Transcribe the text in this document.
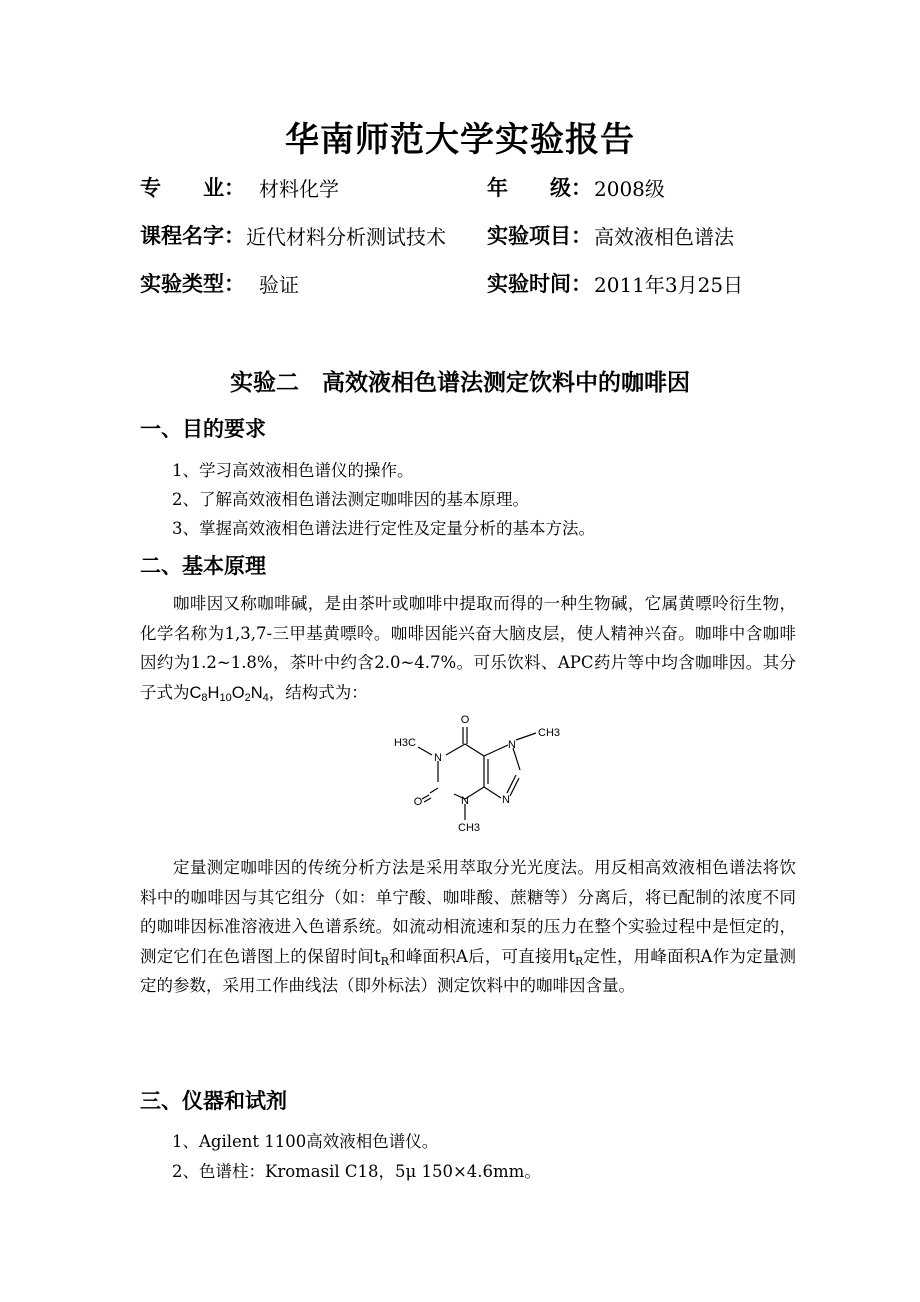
华南师范大学实验报告
专　　业： 材料化学	年　　级： 2008级
课程名字： 近代材料分析测试技术 实验项目： 高效液相色谱法
实验类型： 验证	实验时间： 2011年3月25日
实验二　高效液相色谱法测定饮料中的咖啡因
一、目的要求
1、学习高效液相色谱仪的操作。
2、了解高效液相色谱法测定咖啡因的基本原理。
3、掌握高效液相色谱法进行定性及定量分析的基本方法。
二、基本原理

咖啡因又称咖啡碱，是由茶叶或咖啡中提取而得的一种生物碱，它属黄嘌呤衍生物，化学名称为1,3,7-三甲基黄嘌呤。咖啡因能兴奋大脑皮层，使人精神兴奋。咖啡中含咖啡因约为1.2~1.8%，茶叶中约含2.0~4.7%。可乐饮料、APC药片等中均含咖啡因。其分子式为$C_8H_{10}O_2N_4$，结构式为：

O
O
N
N
N
N
H3C
CH3
CH3

定量测定咖啡因的传统分析方法是采用萃取分光光度法。用反相高效液相色谱法将饮料中的咖啡因与其它组分（如：单宁酸、咖啡酸、蔗糖等）分离后，将已配制的浓度不同的咖啡因标准溶液进入色谱系统。如流动相流速和泵的压力在整个实验过程中是恒定的，测定它们在色谱图上的保留时间$t_R$和峰面积A后，可直接用$t_R$定性，用峰面积A作为定量测定的参数，采用工作曲线法（即外标法）测定饮料中的咖啡因含量。

三、仪器和试剂
1、Agilent 1100高效液相色谱仪。
2、色谱柱：Kromasil C18，5μ 150×4.6mm。
